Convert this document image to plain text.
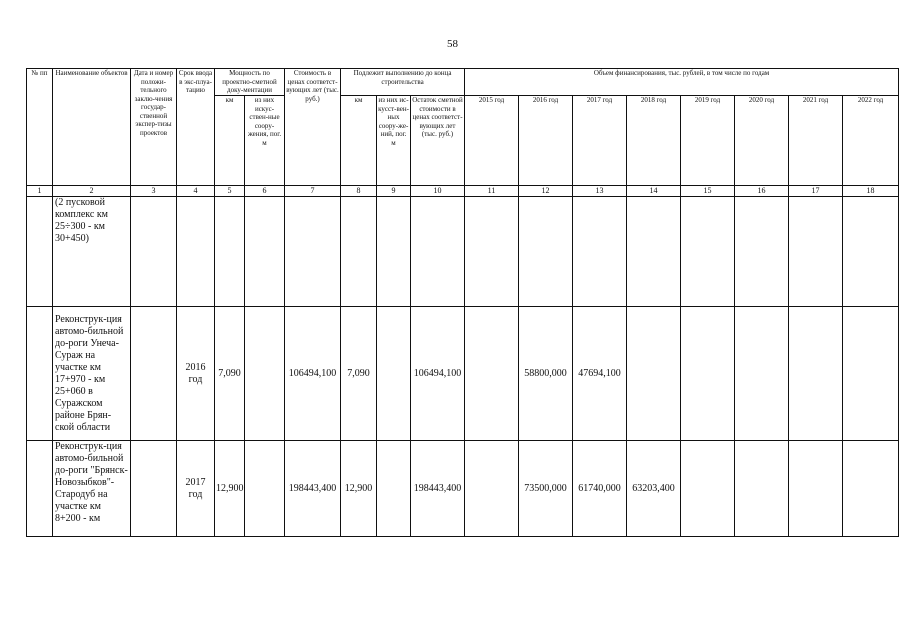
58
№ пп	Наименование объектов	Дата и номер положи-тельного заклю-чения государ-ственной экспер-тизы проектов	Срок ввода в экс-плуа-тацию	Мощность по проектно-сметной доку-ментации		Стоимость в ценах соответст-вующих лет (тыс. руб.)	Подлежит выполнению до конца строительства			Объем финансирования, тыс. рублей, в том числе по годам							
				км	из них искус-ствен-ные соору-жения, пог. м		км	из них ис-кусст-вен-ных соору-же-ний, пог. м	Остаток сметной стоимости в ценах соответст-вующих лет (тыс. руб.)	2015 год	2016 год	2017 год	2018 год	2019 год	2020 год	2021 год	2022 год
1	2	3	4	5	6	7	8	9	10	11	12	13	14	15	16	17	18
	(2 пусковой комплекс км 25÷300 - км 30+450)																
	Реконструк-ция автомо-бильной до-роги Унеча-Сураж на участке км 17+970 - км 25+060 в Суражском районе Брян-ской области		2016 год	7,090		106494,100	7,090		106494,100		58800,000	47694,100					
	Реконструк-ция автомо-бильной до-роги "Брянск-Новозыбков"-Стародуб на участке км 8+200 - км		2017 год	12,900		198443,400	12,900		198443,400		73500,000	61740,000	63203,400				
